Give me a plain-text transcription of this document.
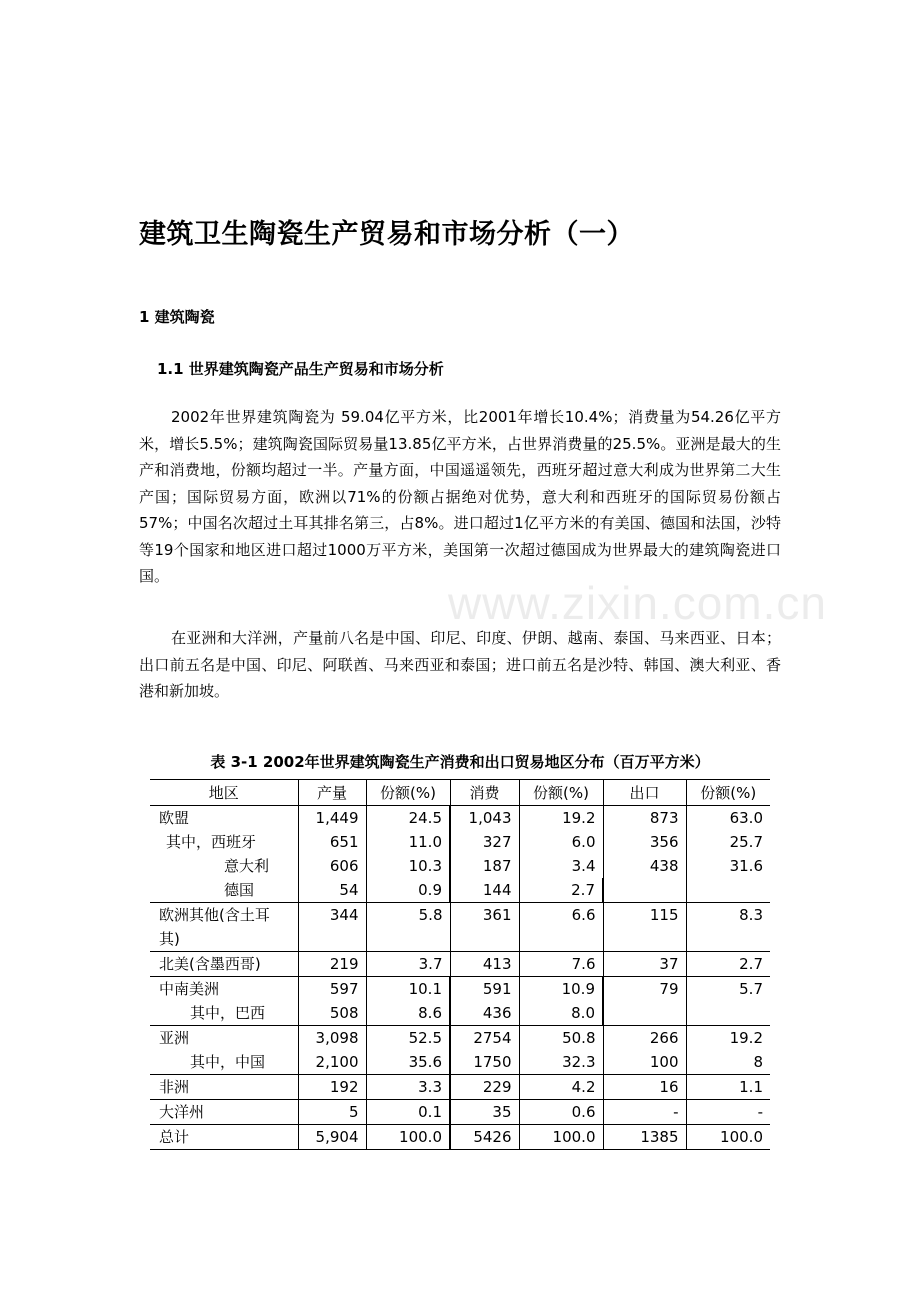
建筑卫生陶瓷生产贸易和市场分析（一）
1 建筑陶瓷
1.1 世界建筑陶瓷产品生产贸易和市场分析

2002年世界建筑陶瓷为 59.04亿平方米，比2001年增长10.4%；消费量为54.26亿平方米，增长5.5%；建筑陶瓷国际贸易量13.85亿平方米，占世界消费量的25.5%。亚洲是最大的生产和消费地，份额均超过一半。产量方面，中国遥遥领先，西班牙超过意大利成为世界第二大生产国；国际贸易方面，欧洲以71%的份额占据绝对优势，意大利和西班牙的国际贸易份额占57%；中国名次超过土耳其排名第三，占8%。进口超过1亿平方米的有美国、德国和法国，沙特等19个国家和地区进口超过1000万平方米，美国第一次超过德国成为世界最大的建筑陶瓷进口国。

在亚洲和大洋洲，产量前八名是中国、印尼、印度、伊朗、越南、泰国、马来西亚、日本；出口前五名是中国、印尼、阿联酋、马来西亚和泰国；进口前五名是沙特、韩国、澳大利亚、香港和新加坡。

www.zixin.com.cn
表 3-1 2002年世界建筑陶瓷生产消费和出口贸易地区分布（百万平方米）
地区	产量	份额(%)	消费	份额(%)	出口	份额(%)
欧盟	1,449	24.5	1,043	19.2	873	63.0
其中，西班牙	651	11.0	327	6.0	356	25.7
意大利	606	10.3	187	3.4	438	31.6
德国	54	0.9	144	2.7		
欧洲其他(含土耳其)	344	5.8	361	6.6	115	8.3
北美(含墨西哥)	219	3.7	413	7.6	37	2.7
中南美洲	597	10.1	591	10.9	79	5.7
其中，巴西	508	8.6	436	8.0		
亚洲	3,098	52.5	2754	50.8	266	19.2
其中，中国	2,100	35.6	1750	32.3	100	8
非洲	192	3.3	229	4.2	16	1.1
大洋州	5	0.1	35	0.6	-	-
总计	5,904	100.0	5426	100.0	1385	100.0
